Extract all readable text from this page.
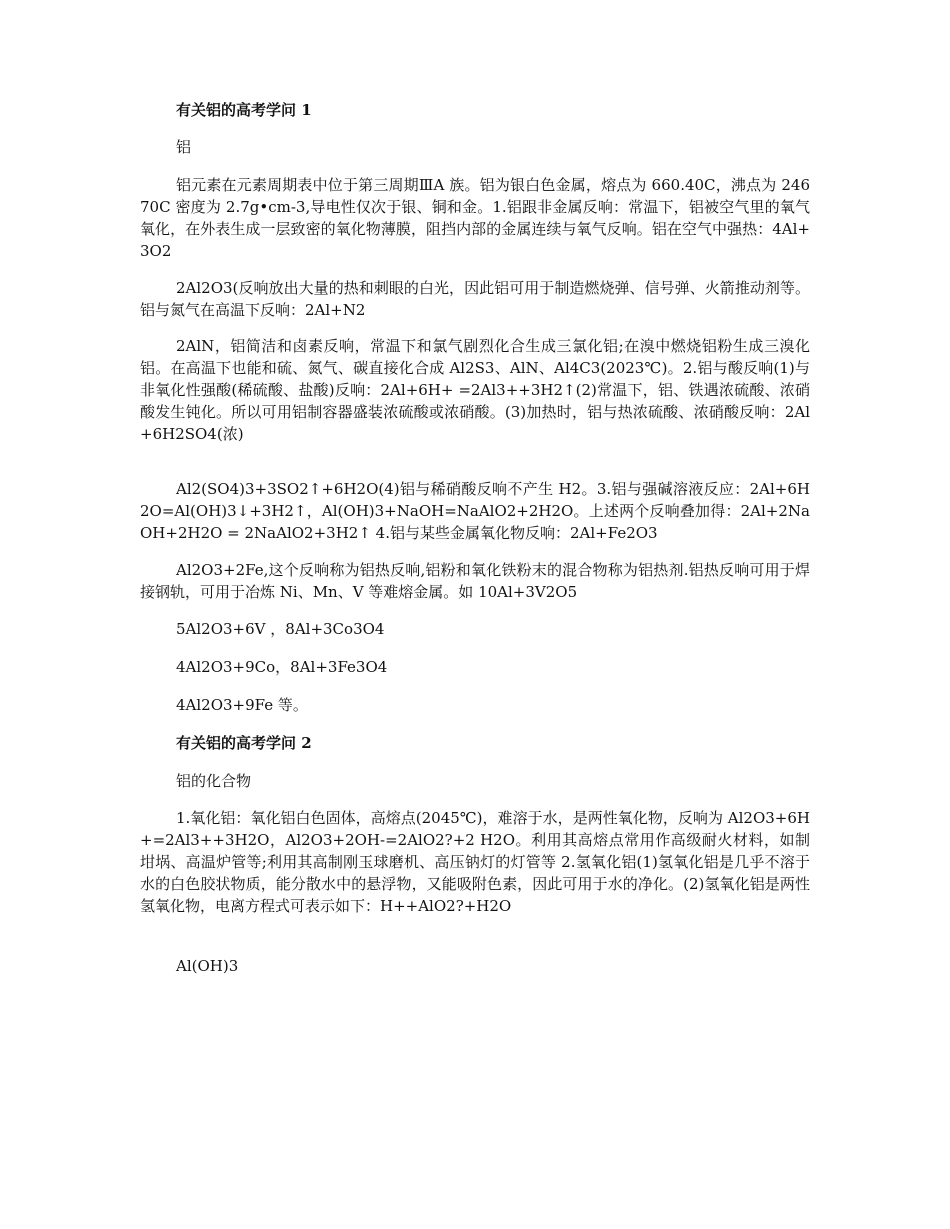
有关铝的高考学问 1
铝
铝元素在元素周期表中位于第三周期ⅢA 族。铝为银白色金属，熔点为 660.40C，沸点为 24670C 密度为 2.7g•cm-3,导电性仅次于银、铜和金。1.铝跟非金属反响：常温下，铝被空气里的氧气氧化，在外表生成一层致密的氧化物薄膜，阻挡内部的金属连续与氧气反响。铝在空气中强热：4Al+3O2
2Al2O3(反响放出大量的热和刺眼的白光，因此铝可用于制造燃烧弹、信号弹、火箭推动剂等。铝与氮气在高温下反响：2Al+N2
2AlN，铝简洁和卤素反响，常温下和氯气剧烈化合生成三氯化铝;在溴中燃烧铝粉生成三溴化铝。在高温下也能和硫、氮气、碳直接化合成 Al2S3、AlN、Al4C3(2023℃)。2.铝与酸反响(1)与非氧化性强酸(稀硫酸、盐酸)反响：2Al+6H+ =2Al3++3H2↑(2)常温下，铝、铁遇浓硫酸、浓硝酸发生钝化。所以可用铝制容器盛装浓硫酸或浓硝酸。(3)加热时，铝与热浓硫酸、浓硝酸反响：2Al+6H2SO4(浓)
Al2(SO4)3+3SO2↑+6H2O(4)铝与稀硝酸反响不产生 H2。3.铝与强碱溶液反应：2Al+6H2O=Al(OH)3↓+3H2↑，Al(OH)3+NaOH=NaAlO2+2H2O。上述两个反响叠加得：2Al+2NaOH+2H2O = 2NaAlO2+3H2↑ 4.铝与某些金属氧化物反响：2Al+Fe2O3
Al2O3+2Fe,这个反响称为铝热反响,铝粉和氧化铁粉末的混合物称为铝热剂.铝热反响可用于焊接钢轨，可用于冶炼 Ni、Mn、V 等难熔金属。如 10Al+3V2O5
5Al2O3+6V ，8Al+3Co3O4
4Al2O3+9Co，8Al+3Fe3O4
4Al2O3+9Fe 等。
有关铝的高考学问 2
铝的化合物
1.氧化铝：氧化铝白色固体，高熔点(2045℃)，难溶于水，是两性氧化物，反响为 Al2O3+6H+=2Al3++3H2O，Al2O3+2OH-=2AlO2?+2 H2O。利用其高熔点常用作高级耐火材料，如制坩埚、高温炉管等;利用其高制刚玉球磨机、高压钠灯的灯管等 2.氢氧化铝(1)氢氧化铝是几乎不溶于水的白色胶状物质，能分散水中的悬浮物，又能吸附色素，因此可用于水的净化。(2)氢氧化铝是两性氢氧化物，电离方程式可表示如下：H++AlO2?+H2O
Al(OH)3
